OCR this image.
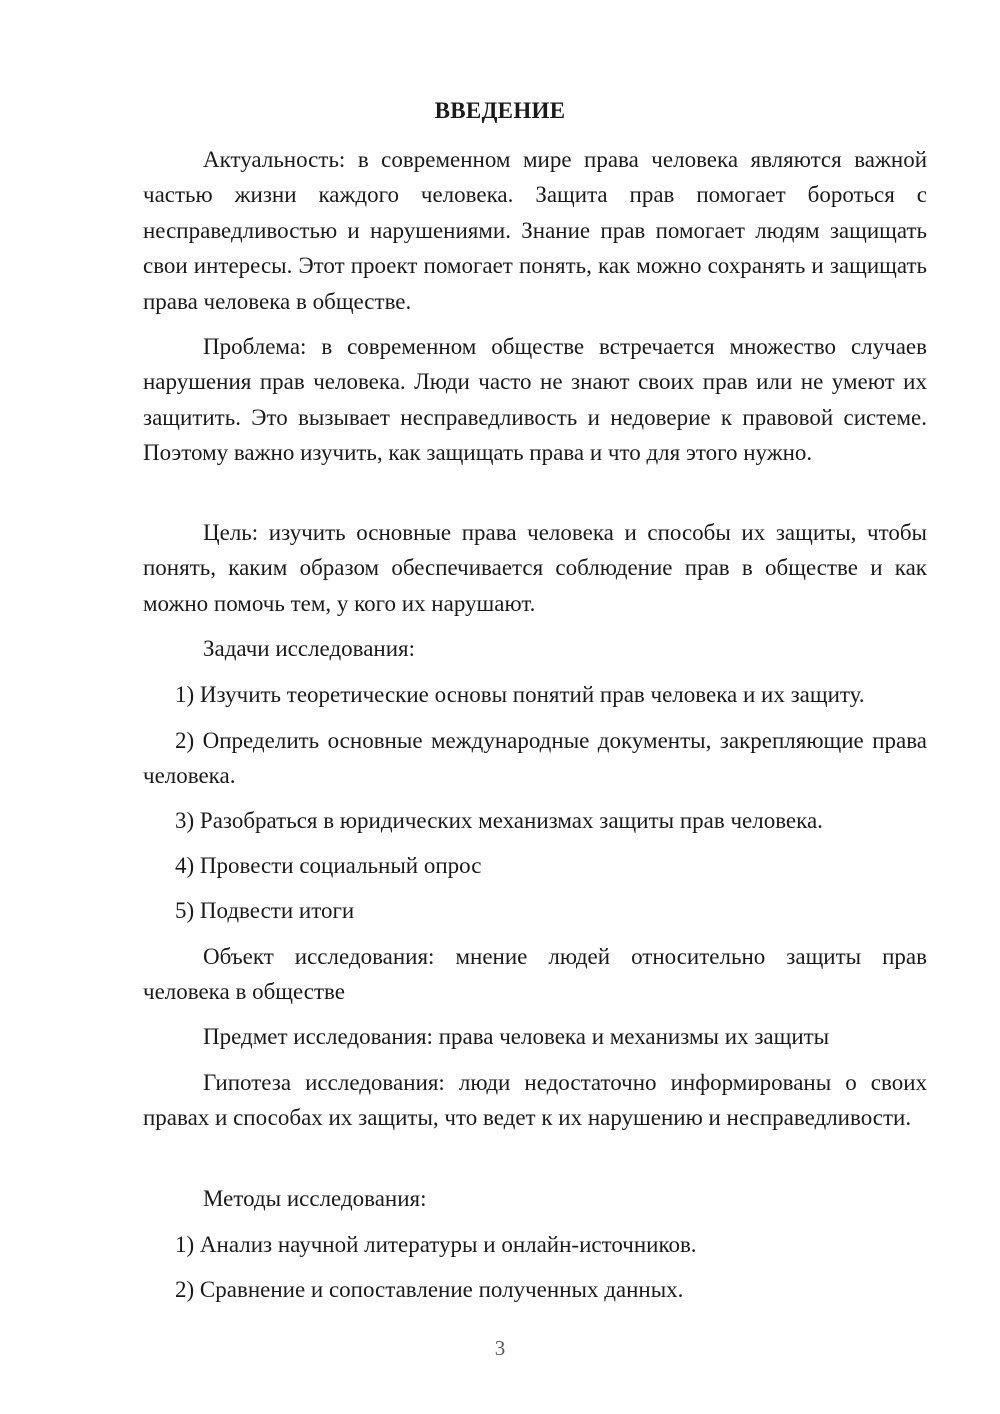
ВВЕДЕНИЕ

Актуальность: в современном мире права человека являются важной частью жизни каждого человека. Защита прав помогает бороться с несправедливостью и нарушениями. Знание прав помогает людям защищать свои интересы. Этот проект помогает понять, как можно сохранять и защищать права человека в обществе.

Проблема: в современном обществе встречается множество случаев нарушения прав человека. Люди часто не знают своих прав или не умеют их защитить. Это вызывает несправедливость и недоверие к правовой системе. Поэтому важно изучить, как защищать права и что для этого нужно.

Цель: изучить основные права человека и способы их защиты, чтобы понять, каким образом обеспечивается соблюдение прав в обществе и как можно помочь тем, у кого их нарушают.

Задачи исследования:

1) Изучить теоретические основы понятий прав человека и их защиту.

2) Определить основные международные документы, закрепляющие права человека.

3) Разобраться в юридических механизмах защиты прав человека.

4) Провести социальный опрос

5) Подвести итоги

Объект исследования: мнение людей относительно защиты прав человека в обществе

Предмет исследования: права человека и механизмы их защиты

Гипотеза исследования: люди недостаточно информированы о своих правах и способах их защиты, что ведет к их нарушению и несправедливости.

Методы исследования:

1) Анализ научной литературы и онлайн-источников.

2) Сравнение и сопоставление полученных данных.

3
